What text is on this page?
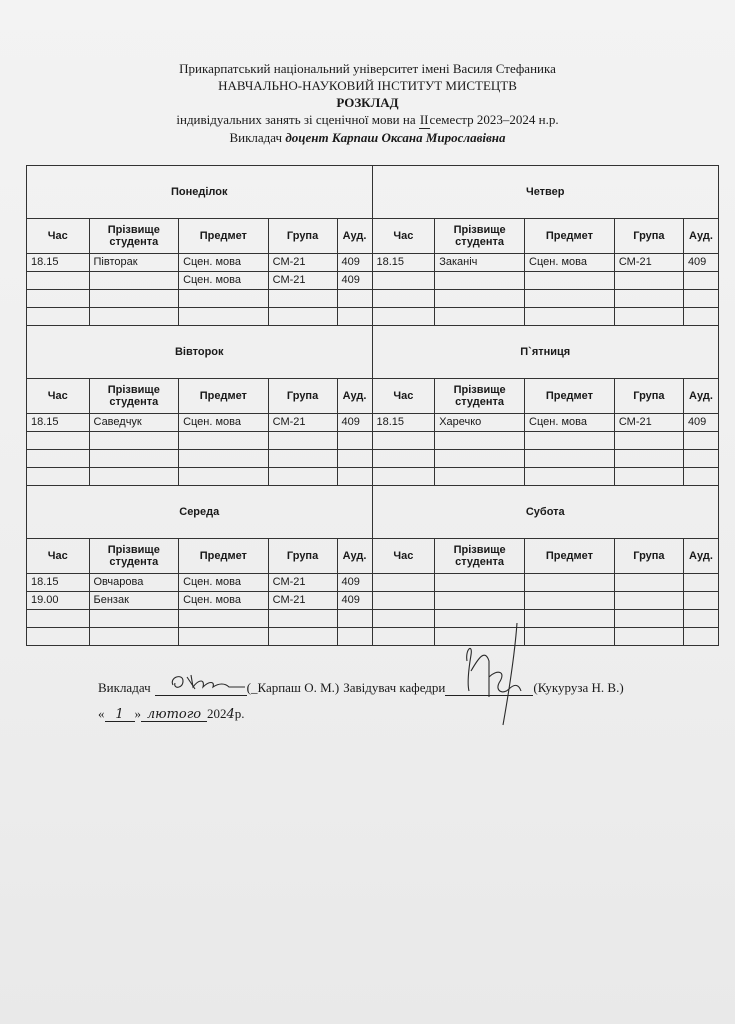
Прикарпатський національний університет імені Василя Стефаника
НАВЧАЛЬНО-НАУКОВИЙ ІНСТИТУТ МИСТЕЦТВ
РОЗКЛАД
індивідуальних занять зі сценічної мови на ІІсеместр 2023–2024 н.р.
Викладач доцент Карпаш Оксана Мирославівна
Понеділок
Час	Прізвище студента	Предмет	Група	Ауд.
18.15	Півторак	Сцен. мова	СМ-21	409
		Сцен. мова	СМ-21	409

Четвер
Час	Прізвище студента	Предмет	Група	Ауд.
18.15	Заканіч	Сцен. мова	СМ-21	409

Вівторок
Час	Прізвище студента	Предмет	Група	Ауд.
18.15	Саведчук	Сцен. мова	СМ-21	409

П`ятниця
Час	Прізвище студента	Предмет	Група	Ауд.
18.15	Харечко	Сцен. мова	СМ-21	409

Середа
Час	Прізвище студента	Предмет	Група	Ауд.
18.15	Овчарова	Сцен. мова	СМ-21	409
19.00	Бензак	Сцен. мова	СМ-21	409

Субота
Час	Прізвище студента	Предмет	Група	Ауд.

Викладач	(_Карпаш О. М.) Завідувач кафедри	(Кукуруза Н. В.)
« 1 » лютого 202 4 р.
